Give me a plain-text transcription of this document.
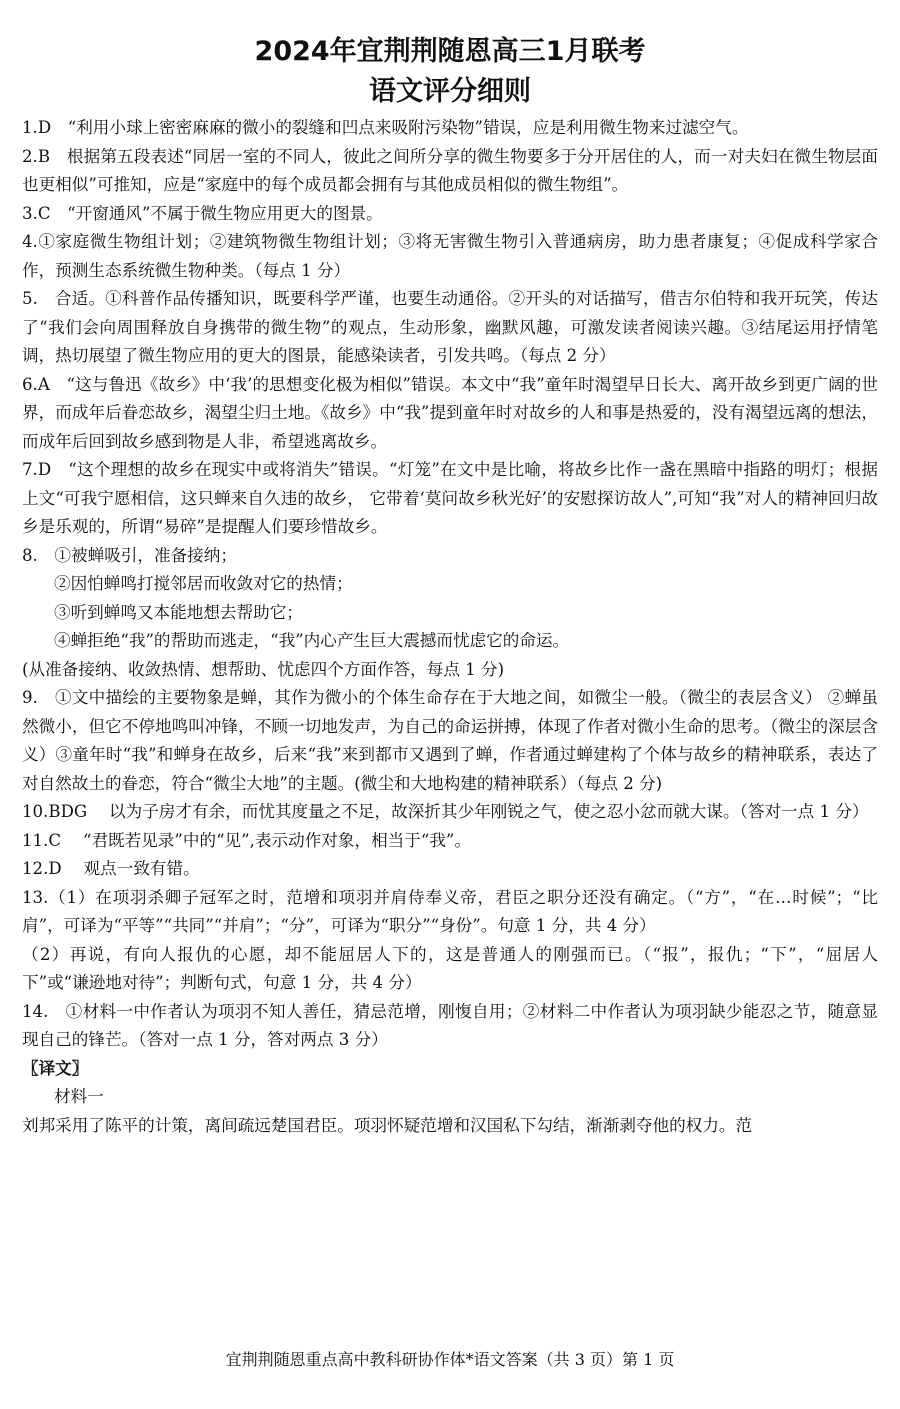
2024年宜荆荆随恩高三1月联考
语文评分细则

1.D　“利用小球上密密麻麻的微小的裂缝和凹点来吸附污染物”错误，应是利用微生物来过滤空气。

2.B　根据第五段表述“同居一室的不同人，彼此之间所分享的微生物要多于分开居住的人，而一对夫妇在微生物层面也更相似”可推知，应是“家庭中的每个成员都会拥有与其他成员相似的微生物组”。

3.C　“开窗通风”不属于微生物应用更大的图景。

4.①家庭微生物组计划；②建筑物微生物组计划；③将无害微生物引入普通病房，助力患者康复；④促成科学家合作，预测生态系统微生物种类。（每点 1 分）

5.　合适。①科普作品传播知识，既要科学严谨，也要生动通俗。②开头的对话描写，借吉尔伯特和我开玩笑，传达了“我们会向周围释放自身携带的微生物”的观点，生动形象，幽默风趣，可激发读者阅读兴趣。③结尾运用抒情笔调，热切展望了微生物应用的更大的图景，能感染读者，引发共鸣。（每点 2 分）

6.A　“这与鲁迅《故乡》中‘我’的思想变化极为相似”错误。本文中“我”童年时渴望早日长大、离开故乡到更广阔的世界，而成年后眷恋故乡，渴望尘归土地。《故乡》中“我”提到童年时对故乡的人和事是热爱的，没有渴望远离的想法，而成年后回到故乡感到物是人非，希望逃离故乡。

7.D　“这个理想的故乡在现实中或将消失”错误。“灯笼”在文中是比喻，将故乡比作一盏在黑暗中指路的明灯；根据上文“可我宁愿相信，这只蝉来自久违的故乡， 它带着‘莫问故乡秋光好’的安慰探访故人”,可知“我”对人的精神回归故乡是乐观的，所谓“易碎”是提醒人们要珍惜故乡。

8.　①被蝉吸引，准备接纳；

②因怕蝉鸣打搅邻居而收敛对它的热情；

③听到蝉鸣又本能地想去帮助它；

④蝉拒绝“我”的帮助而逃走，“我”内心产生巨大震撼而忧虑它的命运。

(从准备接纳、收敛热情、想帮助、忧虑四个方面作答，每点 1 分)

9.　①文中描绘的主要物象是蝉，其作为微小的个体生命存在于大地之间，如微尘一般。（微尘的表层含义） ②蝉虽然微小，但它不停地鸣叫冲锋，不顾一切地发声，为自己的命运拼搏，体现了作者对微小生命的思考。（微尘的深层含义）③童年时“我”和蝉身在故乡，后来“我”来到都市又遇到了蝉，作者通过蝉建构了个体与故乡的精神联系，表达了对自然故土的眷恋，符合“微尘大地”的主题。(微尘和大地构建的精神联系）（每点 2 分)

10.BDG　 以为子房才有余，而忧其度量之不足，故深折其少年刚锐之气，使之忍小忿而就大谋。（答对一点 1 分）

11.C　 “君既若见录”中的“见”,表示动作对象，相当于“我”。

12.D　 观点一致有错。

13.（1）在项羽杀卿子冠军之时，范增和项羽并肩侍奉义帝，君臣之职分还没有确定。（“方”，“在…时候”；“比肩”，可译为“平等”“共同”“并肩”；“分”，可译为“职分”“身份”。句意 1 分，共 4 分）

（2）再说，有向人报仇的心愿，却不能屈居人下的，这是普通人的刚强而已。（“报”，报仇；“下”，“屈居人下”或“谦逊地对待”；判断句式，句意 1 分，共 4 分）

14.　①材料一中作者认为项羽不知人善任，猜忌范增，刚愎自用；②材料二中作者认为项羽缺少能忍之节，随意显现自己的锋芒。（答对一点 1 分，答对两点 3 分）

〖译文〗

材料一

刘邦采用了陈平的计策，离间疏远楚国君臣。项羽怀疑范增和汉国私下勾结，渐渐剥夺他的权力。范

宜荆荆随恩重点高中教科研协作体*语文答案（共 3 页）第 1 页
